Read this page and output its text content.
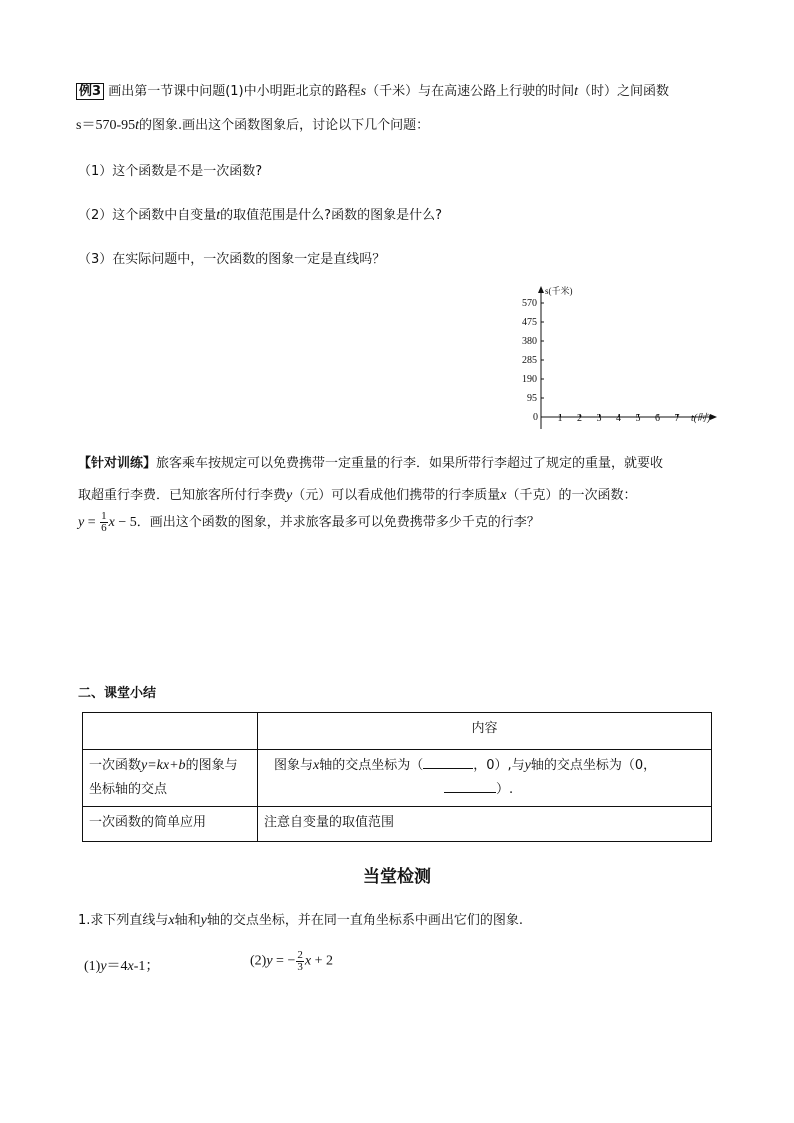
例3 画出第一节课中问题(1)中小明距北京的路程s（千米）与在高速公路上行驶的时间t（时）之间函数
s＝570-95t的图象.画出这个函数图象后，讨论以下几个问题：
（1）这个函数是不是一次函数?
（2）这个函数中自变量t的取值范围是什么?函数的图象是什么?
（3）在实际问题中，一次函数的图象一定是直线吗？
0 1 2 3 4 5 6 7 t(时)
95
190
285
380
475
570
s(千米)
【针对训练】旅客乘车按规定可以免费携带一定重量的行李．如果所带行李超过了规定的重量，就要收
取超重行李费．已知旅客所付行李费y（元）可以看成他们携带的行李质量x（千克）的一次函数：
$y = \frac{1}{6}$ x − 5．画出这个函数的图象，并求旅客最多可以免费携带多少千克的行李？
二、课堂小结
	内容
一次函数y=kx+b的图象与
坐标轴的交点	图象与x轴的交点坐标为（ ，0）,与y轴的交点坐标为（0，
）.
一次函数的简单应用	注意自变量的取值范围
当堂检测
1.求下列直线与x轴和y轴的交点坐标，并在同一直角坐标系中画出它们的图象.
(1)y＝4x-1；	(2)y = − $\frac{2}{3}$ x + 2
